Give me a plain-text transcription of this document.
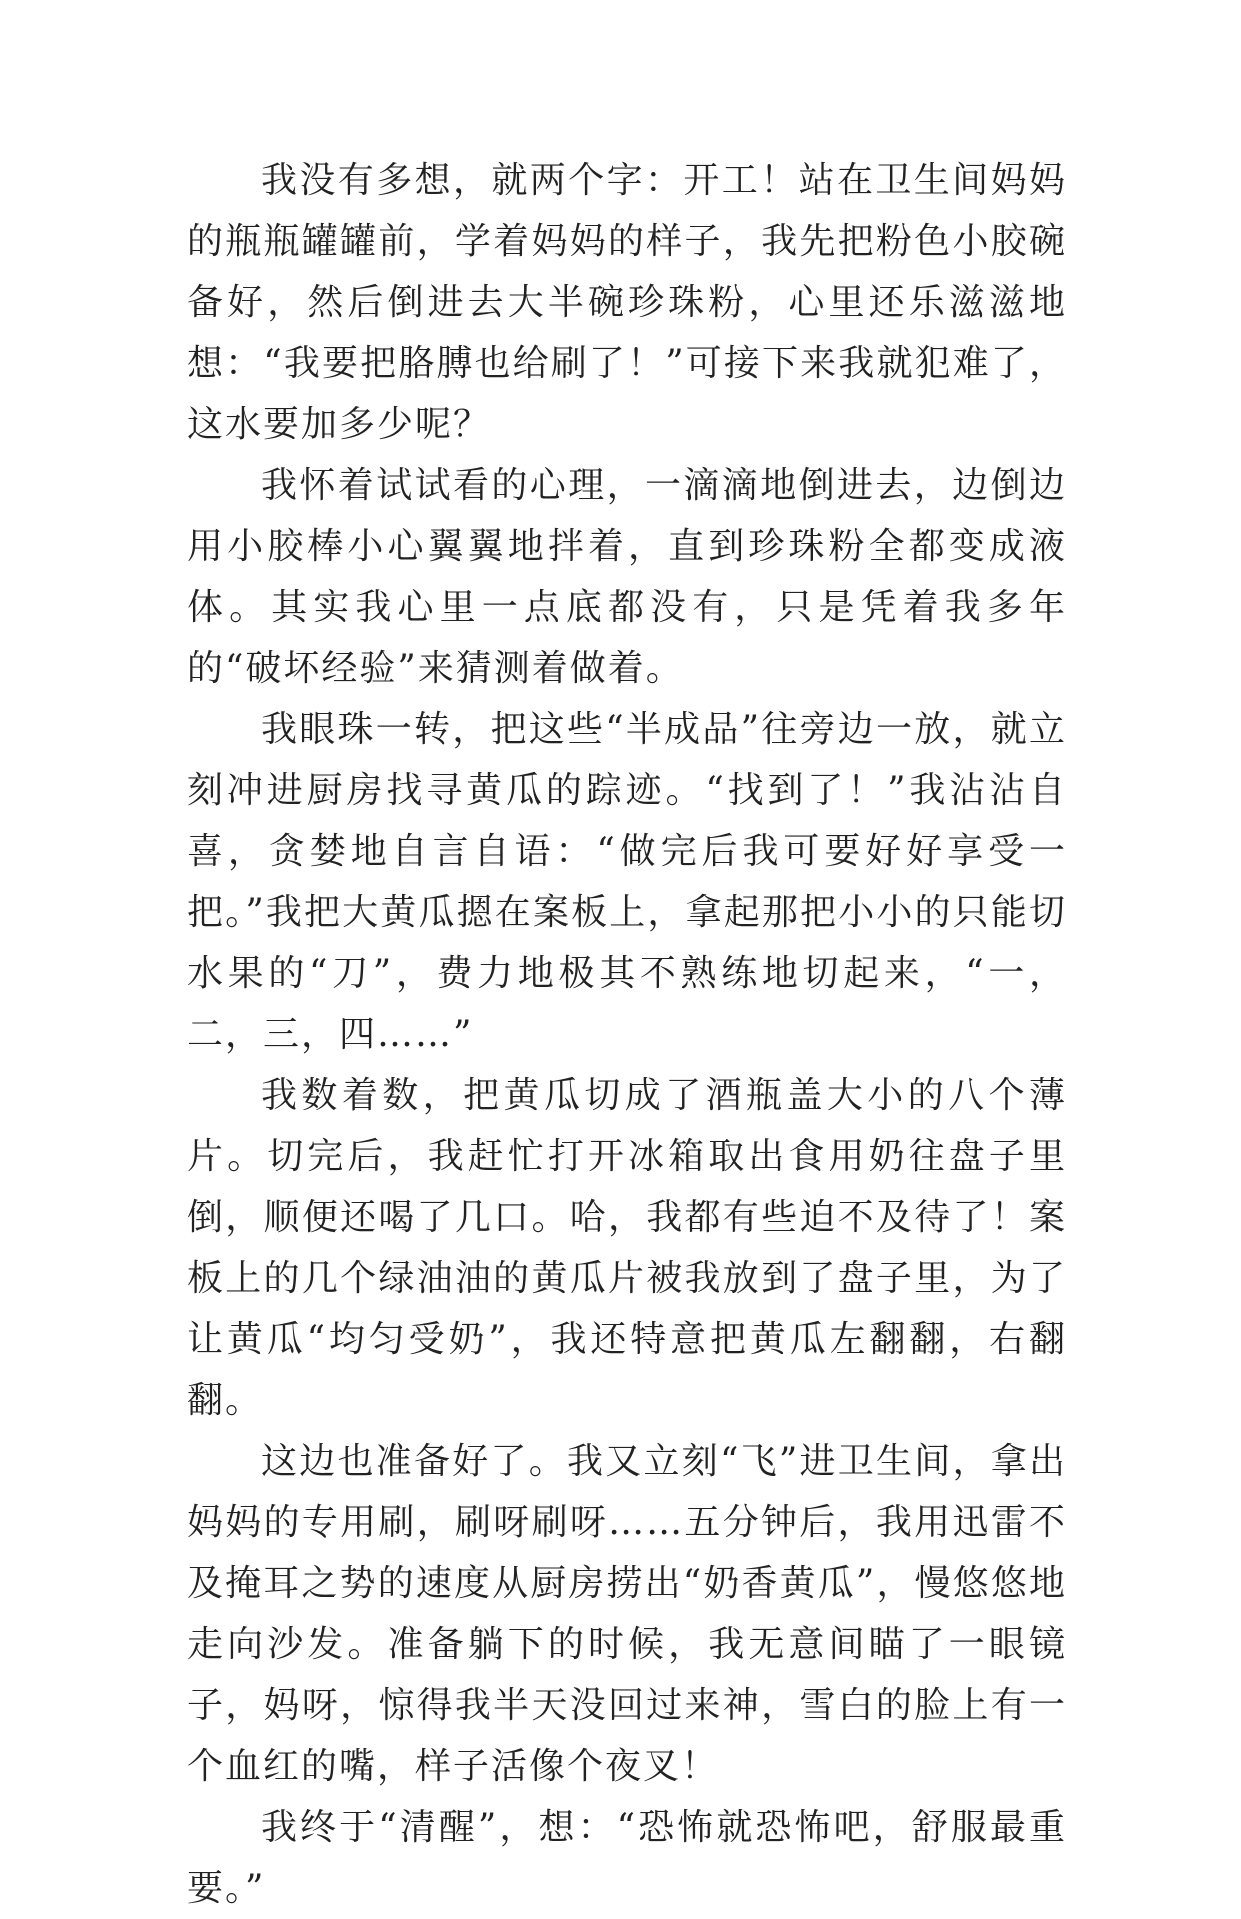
我没有多想，就两个字：开工！站在卫生间妈妈的瓶瓶罐罐前，学着妈妈的样子，我先把粉色小胶碗备好，然后倒进去大半碗珍珠粉，心里还乐滋滋地想：“我要把胳膊也给刷了！”可接下来我就犯难了，这水要加多少呢？

我怀着试试看的心理，一滴滴地倒进去，边倒边用小胶棒小心翼翼地拌着，直到珍珠粉全都变成液体。其实我心里一点底都没有，只是凭着我多年的“破坏经验”来猜测着做着。

我眼珠一转，把这些“半成品”往旁边一放，就立刻冲进厨房找寻黄瓜的踪迹。“找到了！”我沾沾自喜，贪婪地自言自语：“做完后我可要好好享受一把。”我把大黄瓜摁在案板上，拿起那把小小的只能切水果的“刀”，费力地极其不熟练地切起来，“一，二，三，四……”

我数着数，把黄瓜切成了酒瓶盖大小的八个薄片。切完后，我赶忙打开冰箱取出食用奶往盘子里倒，顺便还喝了几口。哈，我都有些迫不及待了！案板上的几个绿油油的黄瓜片被我放到了盘子里，为了让黄瓜“均匀受奶”，我还特意把黄瓜左翻翻，右翻翻。

这边也准备好了。我又立刻“飞”进卫生间，拿出妈妈的专用刷，刷呀刷呀……五分钟后，我用迅雷不及掩耳之势的速度从厨房捞出“奶香黄瓜”，慢悠悠地走向沙发。准备躺下的时候，我无意间瞄了一眼镜子，妈呀，惊得我半天没回过来神，雪白的脸上有一个血红的嘴，样子活像个夜叉！

我终于“清醒”，想：“恐怖就恐怖吧，舒服最重要。”
